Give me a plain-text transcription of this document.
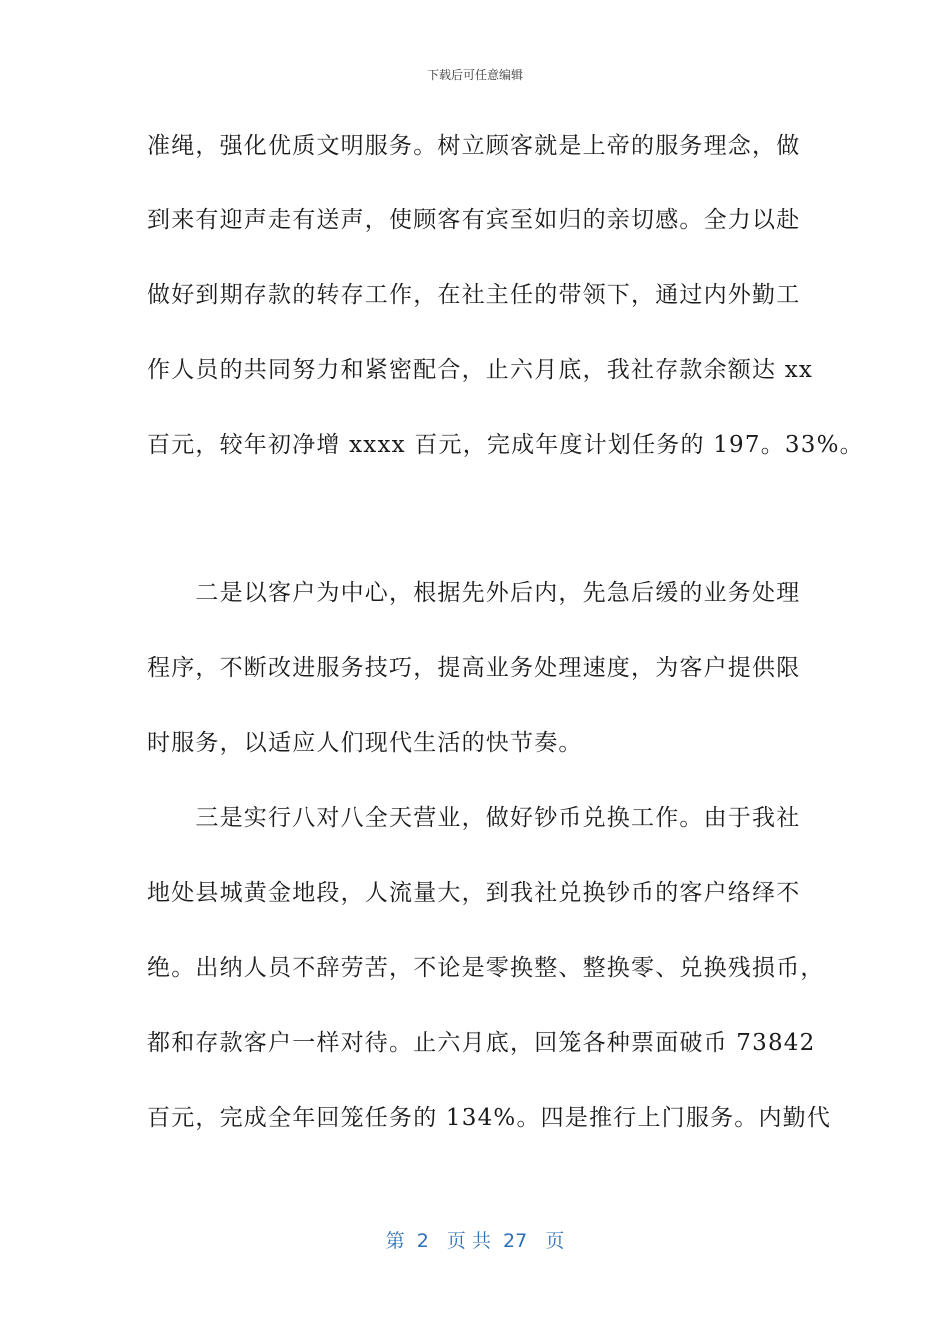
下载后可任意编辑
准绳，强化优质文明服务。树立顾客就是上帝的服务理念，做
到来有迎声走有送声，使顾客有宾至如归的亲切感。全力以赴
做好到期存款的转存工作，在社主任的带领下，通过内外勤工
作人员的共同努力和紧密配合，止六月底，我社存款余额达 xx
百元，较年初净增 xxxx 百元，完成年度计划任务的 197。33%。
　　二是以客户为中心，根据先外后内，先急后缓的业务处理
程序，不断改进服务技巧，提高业务处理速度，为客户提供限
时服务，以适应人们现代生活的快节奏。
　　三是实行八对八全天营业，做好钞币兑换工作。由于我社
地处县城黄金地段，人流量大，到我社兑换钞币的客户络绎不
绝。出纳人员不辞劳苦，不论是零换整、整换零、兑换残损币，
都和存款客户一样对待。止六月底，回笼各种票面破币 73842
百元，完成全年回笼任务的 134%。四是推行上门服务。内勤代
第  2   页 共  27   页
